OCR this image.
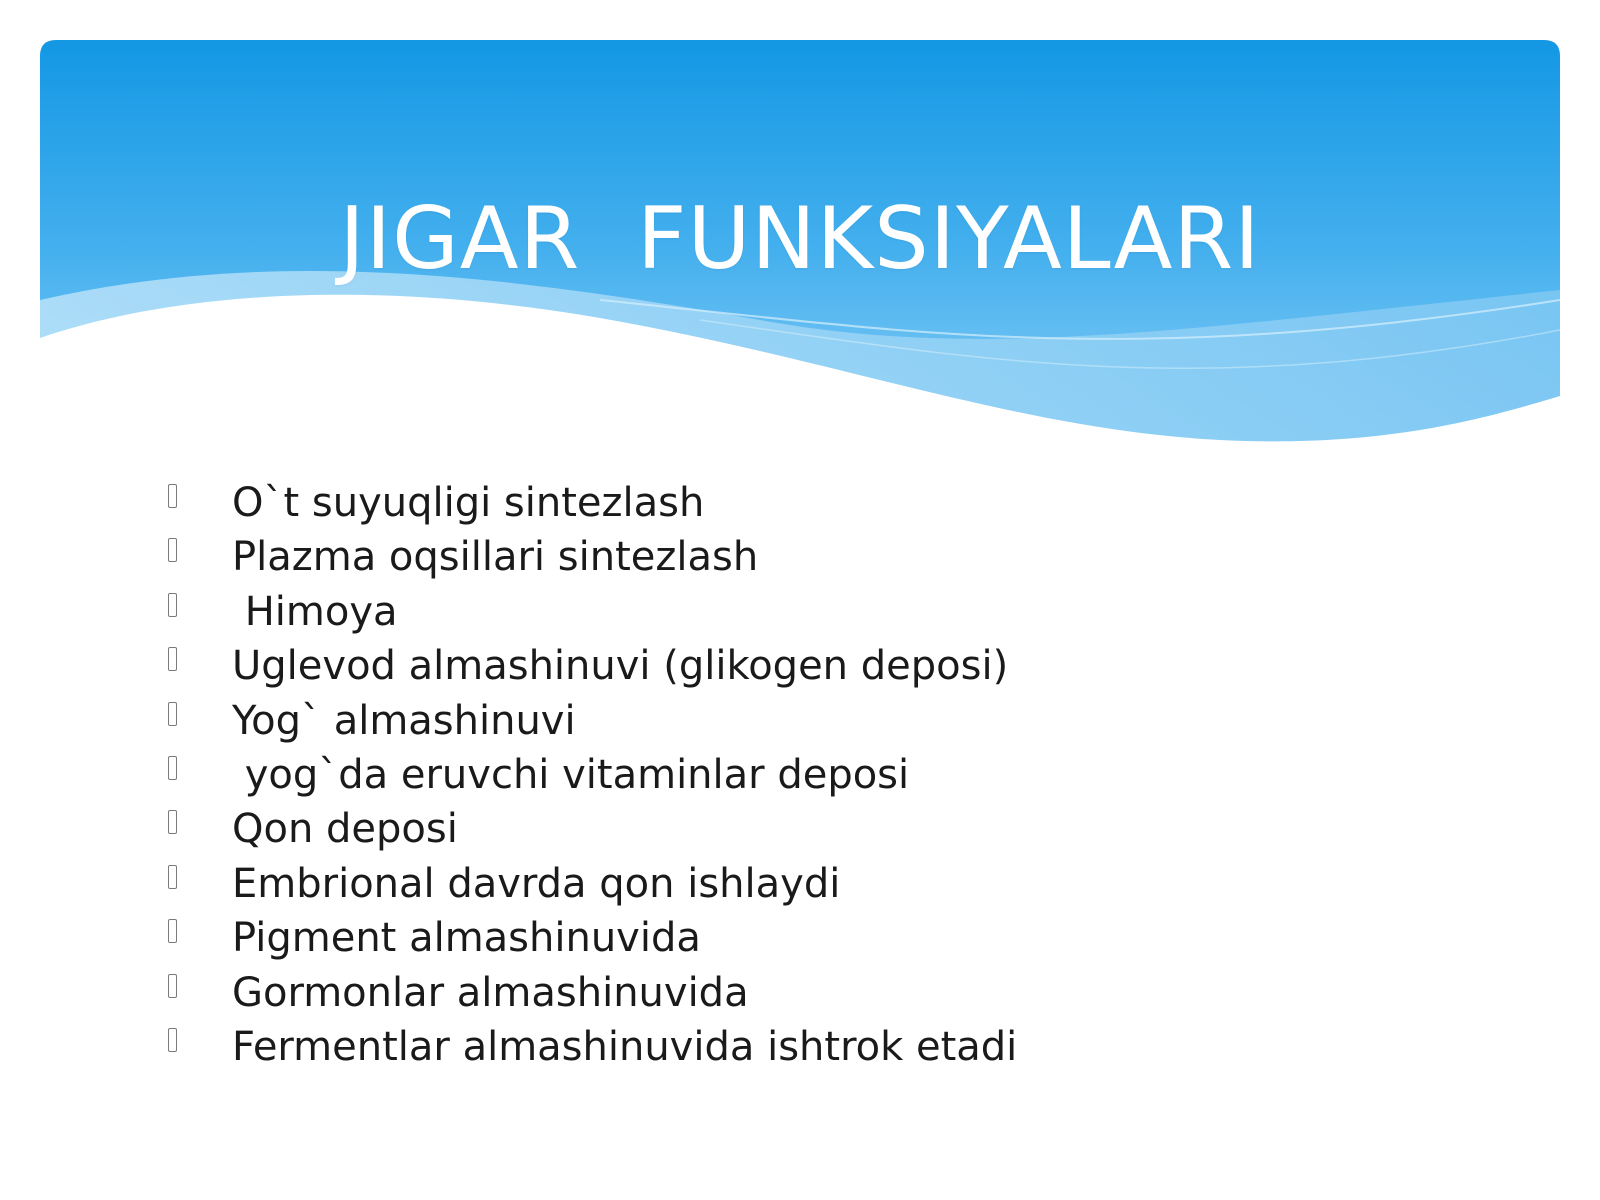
JIGAR  FUNKSIYALARI
O`t suyuqligi sintezlash
Plazma oqsillari sintezlash
Himoya
Uglevod almashinuvi (glikogen deposi)
Yog` almashinuvi
yog`da eruvchi vitaminlar deposi
Qon deposi
Embrional davrda qon ishlaydi
Pigment almashinuvida
Gormonlar almashinuvida
Fermentlar almashinuvida ishtrok etadi
